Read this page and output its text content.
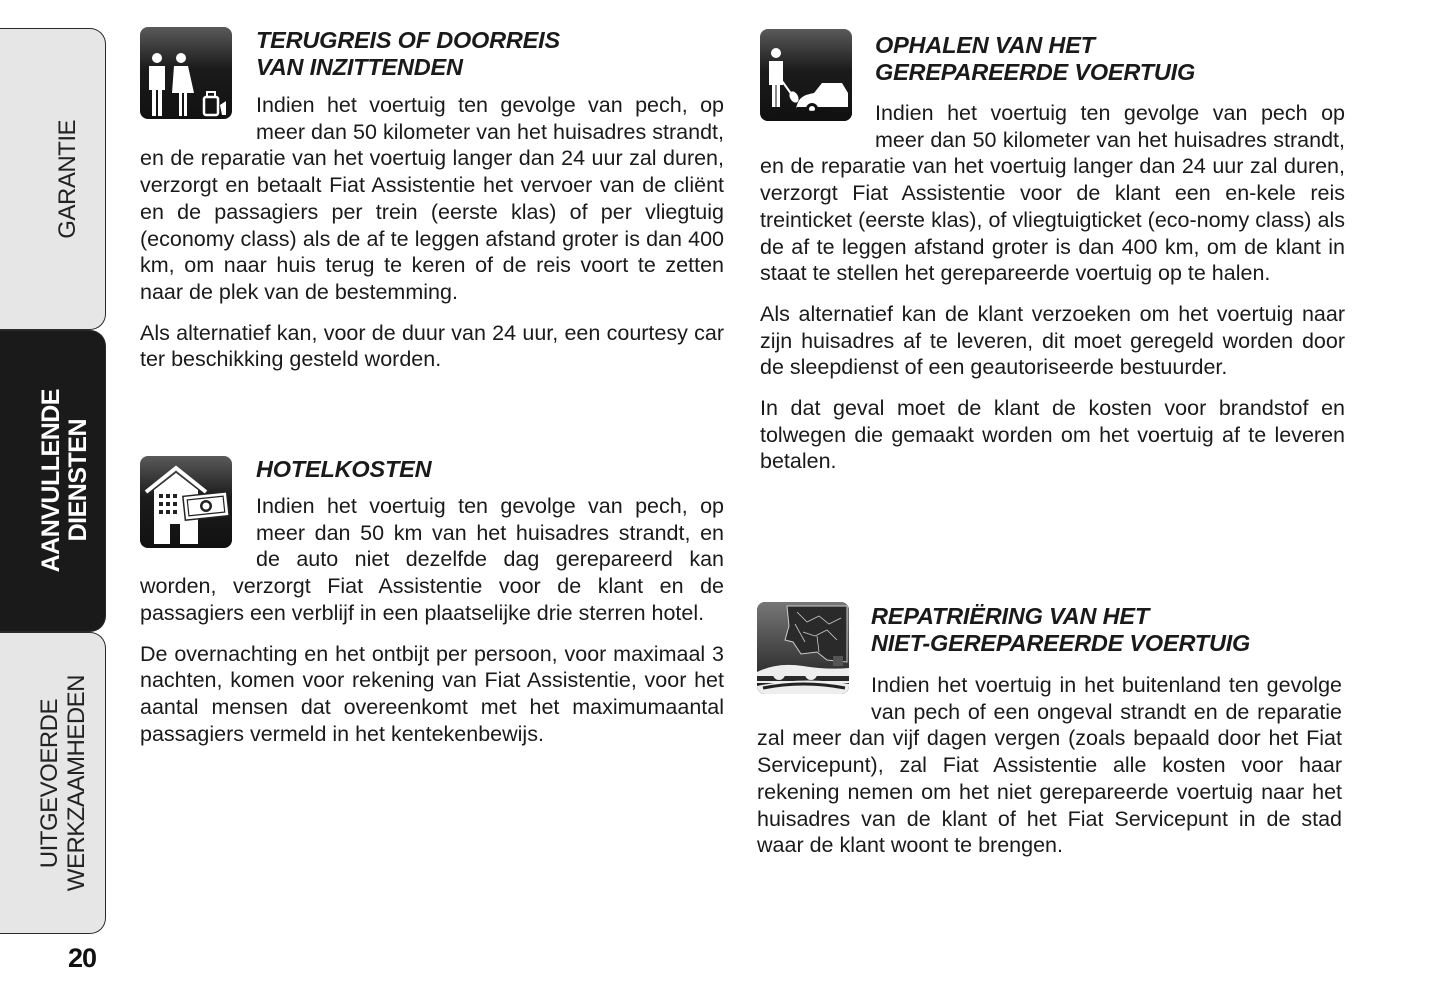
GARANTIE
AANVULLENDE DIENSTEN
UITGEVOERDE WERKZAAMHEDEN
20
TERUGREIS OF DOORREIS
VAN INZITTENDEN

Indien het voertuig ten gevolge van pech, op meer dan 50 kilometer van het huisadres strandt, en de reparatie van het voertuig langer dan 24 uur zal duren, verzorgt en betaalt Fiat Assistentie het vervoer van de cliënt en de passagiers per trein (eerste klas) of per vliegtuig (economy class) als de af te leggen afstand groter is dan 400 km, om naar huis terug te keren of de reis voort te zetten naar de plek van de bestemming.

Als alternatief kan, voor de duur van 24 uur, een courtesy car ter beschikking gesteld worden.

HOTELKOSTEN

Indien het voertuig ten gevolge van pech, op meer dan 50 km van het huisadres strandt, en de auto niet dezelfde dag gerepareerd kan worden, verzorgt Fiat Assistentie voor de klant en de passagiers een verblijf in een plaatselijke drie sterren hotel.

De overnachting en het ontbijt per persoon, voor maximaal 3 nachten, komen voor rekening van Fiat Assistentie, voor het aantal mensen dat overeenkomt met het maximumaantal passagiers vermeld in het kentekenbewijs.

OPHALEN VAN HET
GEREPAREERDE VOERTUIG

Indien het voertuig ten gevolge van pech op meer dan 50 kilometer van het huisadres strandt, en de reparatie van het voertuig langer dan 24 uur zal duren, verzorgt Fiat Assistentie voor de klant een en-kele reis treinticket (eerste klas), of vliegtuigticket (eco-nomy class) als de af te leggen afstand groter is dan 400 km, om de klant in staat te stellen het gerepareerde voertuig op te halen.

Als alternatief kan de klant verzoeken om het voertuig naar zijn huisadres af te leveren, dit moet geregeld worden door de sleepdienst of een geautoriseerde bestuurder.

In dat geval moet de klant de kosten voor brandstof en tolwegen die gemaakt worden om het voertuig af te leveren betalen.

REPATRIËRING VAN HET
NIET-GEREPAREERDE VOERTUIG

Indien het voertuig in het buitenland ten gevolge van pech of een ongeval strandt en de reparatie zal meer dan vijf dagen vergen (zoals bepaald door het Fiat Servicepunt), zal Fiat Assistentie alle kosten voor haar rekening nemen om het niet gerepareerde voertuig naar het huisadres van de klant of het Fiat Servicepunt in de stad waar de klant woont te brengen.
